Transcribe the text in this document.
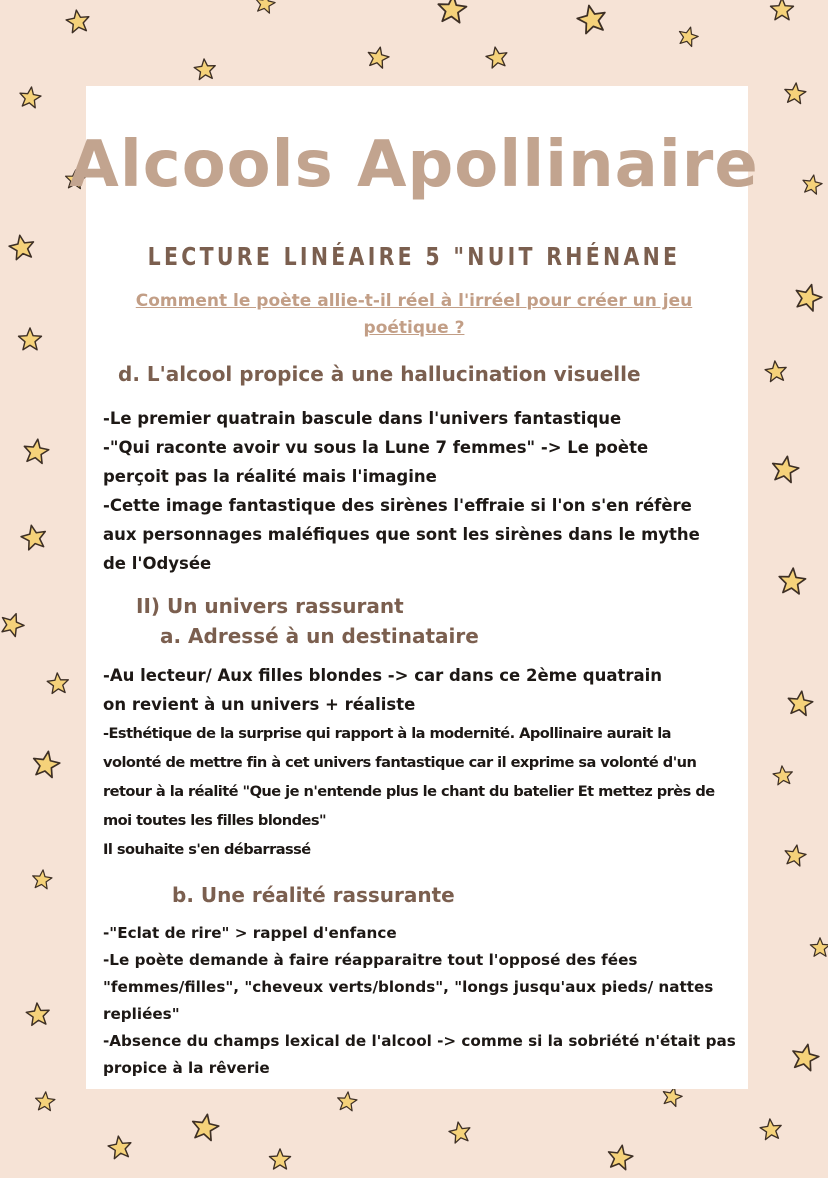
Alcools Apollinaire
LECTURE LINÉAIRE 5 "NUIT RHÉNANE
Comment le poète allie-t-il réel à l'irréel pour créer un jeu poétique ?
d. L'alcool propice à une hallucination visuelle
-Le premier quatrain bascule dans l'univers fantastique
-"Qui raconte avoir vu sous la Lune 7 femmes" -> Le poète perçoit pas la réalité mais l'imagine
-Cette image fantastique des sirènes l'effraie si l'on s'en réfère aux personnages maléfiques que sont les sirènes dans le mythe de l'Odysée
II) Un univers rassurant
a. Adressé à un destinataire
-Au lecteur/ Aux filles blondes -> car dans ce 2ème quatrain on revient à un univers + réaliste
-Esthétique de la surprise qui rapport à la modernité. Apollinaire aurait la volonté de mettre fin à cet univers fantastique car il exprime sa volonté d'un retour à la réalité "Que je n'entende plus le chant du batelier Et mettez près de moi toutes les filles blondes"
Il souhaite s'en débarrassé
b. Une réalité rassurante
-"Eclat de rire" > rappel d'enfance
-Le poète demande à faire réapparaitre tout l'opposé des fées "femmes/filles", "cheveux verts/blonds", "longs jusqu'aux pieds/ nattes repliées"
-Absence du champs lexical de l'alcool -> comme si la sobriété n'était pas propice à la rêverie
